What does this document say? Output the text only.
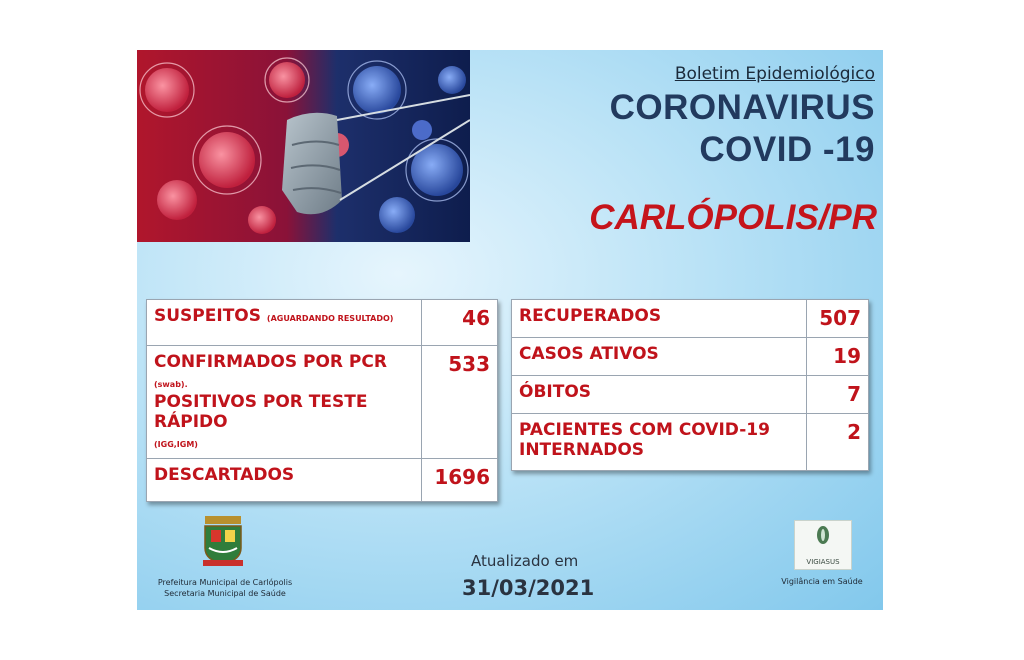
Boletim Epidemiológico
CORONAVIRUS
COVID -19
CARLÓPOLIS/PR
SUSPEITOS (AGUARDANDO RESULTADO)	46
CONFIRMADOS POR PCR (swab).
POSITIVOS POR TESTE RÁPIDO
(IGG,IGM)	533
DESCARTADOS	1696
RECUPERADOS	507
CASOS ATIVOS	19
ÓBITOS	7
PACIENTES COM COVID-19
INTERNADOS	2
Prefeitura Municipal de Carlópolis
Secretaria Municipal de Saúde
Atualizado em
31/03/2021
VIGIASUS
Vigilância em Saúde
